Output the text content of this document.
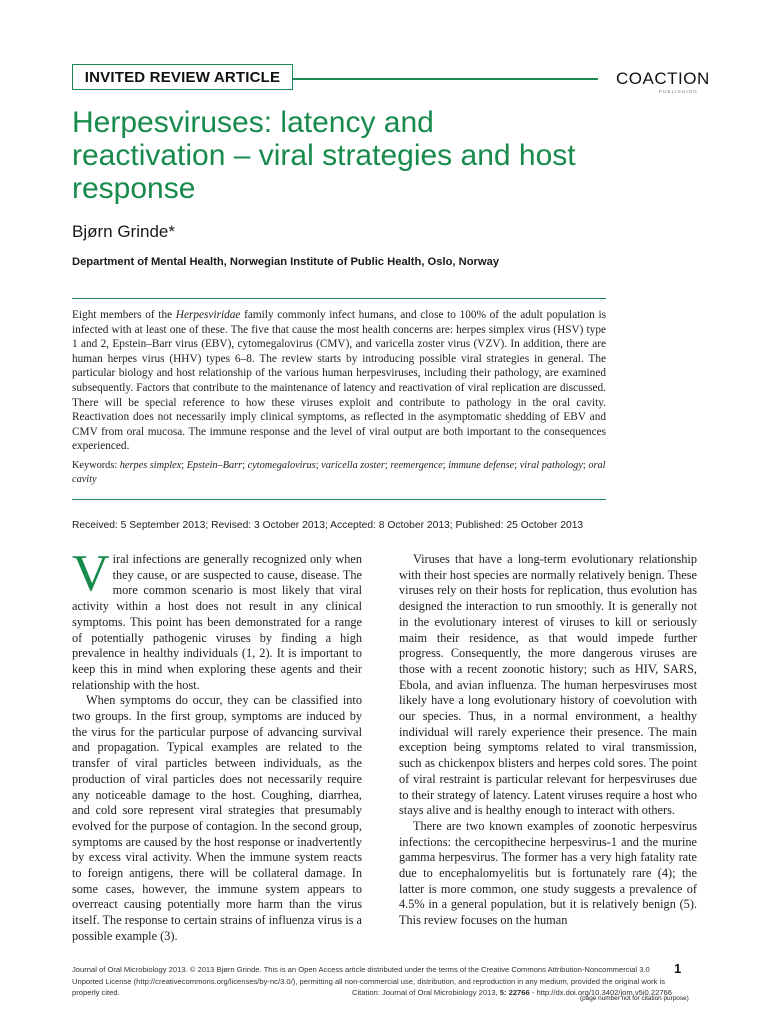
INVITED REVIEW ARTICLE	COACTION
PUBLISHING
Herpesviruses: latency and reactivation – viral strategies and host response
Bjørn Grinde*
Department of Mental Health, Norwegian Institute of Public Health, Oslo, Norway
Eight members of the Herpesviridae family commonly infect humans, and close to 100% of the adult population is infected with at least one of these. The five that cause the most health concerns are: herpes simplex virus (HSV) type 1 and 2, Epstein–Barr virus (EBV), cytomegalovirus (CMV), and varicella zoster virus (VZV). In addition, there are human herpes virus (HHV) types 6–8. The review starts by introducing possible viral strategies in general. The particular biology and host relationship of the various human herpesviruses, including their pathology, are examined subsequently. Factors that contribute to the maintenance of latency and reactivation of viral replication are discussed. There will be special reference to how these viruses exploit and contribute to pathology in the oral cavity. Reactivation does not necessarily imply clinical symptoms, as reflected in the asymptomatic shedding of EBV and CMV from oral mucosa. The immune response and the level of viral output are both important to the consequences experienced.
Keywords: herpes simplex; Epstein–Barr; cytomegalovirus; varicella zoster; reemergence; immune defense; viral pathology; oral cavity
Received: 5 September 2013; Revised: 3 October 2013; Accepted: 8 October 2013; Published: 25 October 2013

Viral infections are generally recognized only when they cause, or are suspected to cause, disease. The more common scenario is most likely that viral activity within a host does not result in any clinical symptoms. This point has been demonstrated for a range of potentially pathogenic viruses by finding a high prevalence in healthy individuals (1, 2). It is important to keep this in mind when exploring these agents and their relationship with the host.

When symptoms do occur, they can be classified into two groups. In the first group, symptoms are induced by the virus for the particular purpose of advancing survival and propagation. Typical examples are related to the transfer of viral particles between individuals, as the production of viral particles does not necessarily require any noticeable damage to the host. Coughing, diarrhea, and cold sore represent viral strategies that presumably evolved for the purpose of contagion. In the second group, symptoms are caused by the host response or inadvertently by excess viral activity. When the immune system reacts to foreign antigens, there will be collateral damage. In some cases, however, the immune system appears to overreact causing potentially more harm than the virus itself. The response to certain strains of influenza virus is a possible example (3).

Viruses that have a long-term evolutionary relationship with their host species are normally relatively benign. These viruses rely on their hosts for replication, thus evolution has designed the interaction to run smoothly. It is generally not in the evolutionary interest of viruses to kill or seriously maim their residence, as that would impede further progress. Consequently, the more dangerous viruses are those with a recent zoonotic history; such as HIV, SARS, Ebola, and avian influenza. The human herpesviruses most likely have a long evolutionary history of coevolution with our species. Thus, in a normal environment, a healthy individual will rarely experience their presence. The main exception being symptoms related to viral transmission, such as chickenpox blisters and herpes cold sores. The point of viral restraint is particular relevant for herpesviruses due to their strategy of latency. Latent viruses require a host who stays alive and is healthy enough to interact with others.

There are two known examples of zoonotic herpesvirus infections: the cercopithecine herpesvirus-1 and the murine gamma herpesvirus. The former has a very high fatality rate due to encephalomyelitis but is fortunately rare (4); the latter is more common, one study suggests a prevalence of 4.5% in a general population, but it is relatively benign (5). This review focuses on the human

Journal of Oral Microbiology 2013. © 2013 Bjørn Grinde. This is an Open Access article distributed under the terms of the Creative Commons Attribution-Noncommercial 3.0 Unported License (http://creativecommons.org/licenses/by-nc/3.0/), permitting all non-commercial use, distribution, and reproduction in any medium, provided the original work is properly cited.	Citation: Journal of Oral Microbiology 2013, 5: 22766 - http://dx.doi.org/10.3402/jom.v5i0.22766
1
(page number not for citation purpose)
